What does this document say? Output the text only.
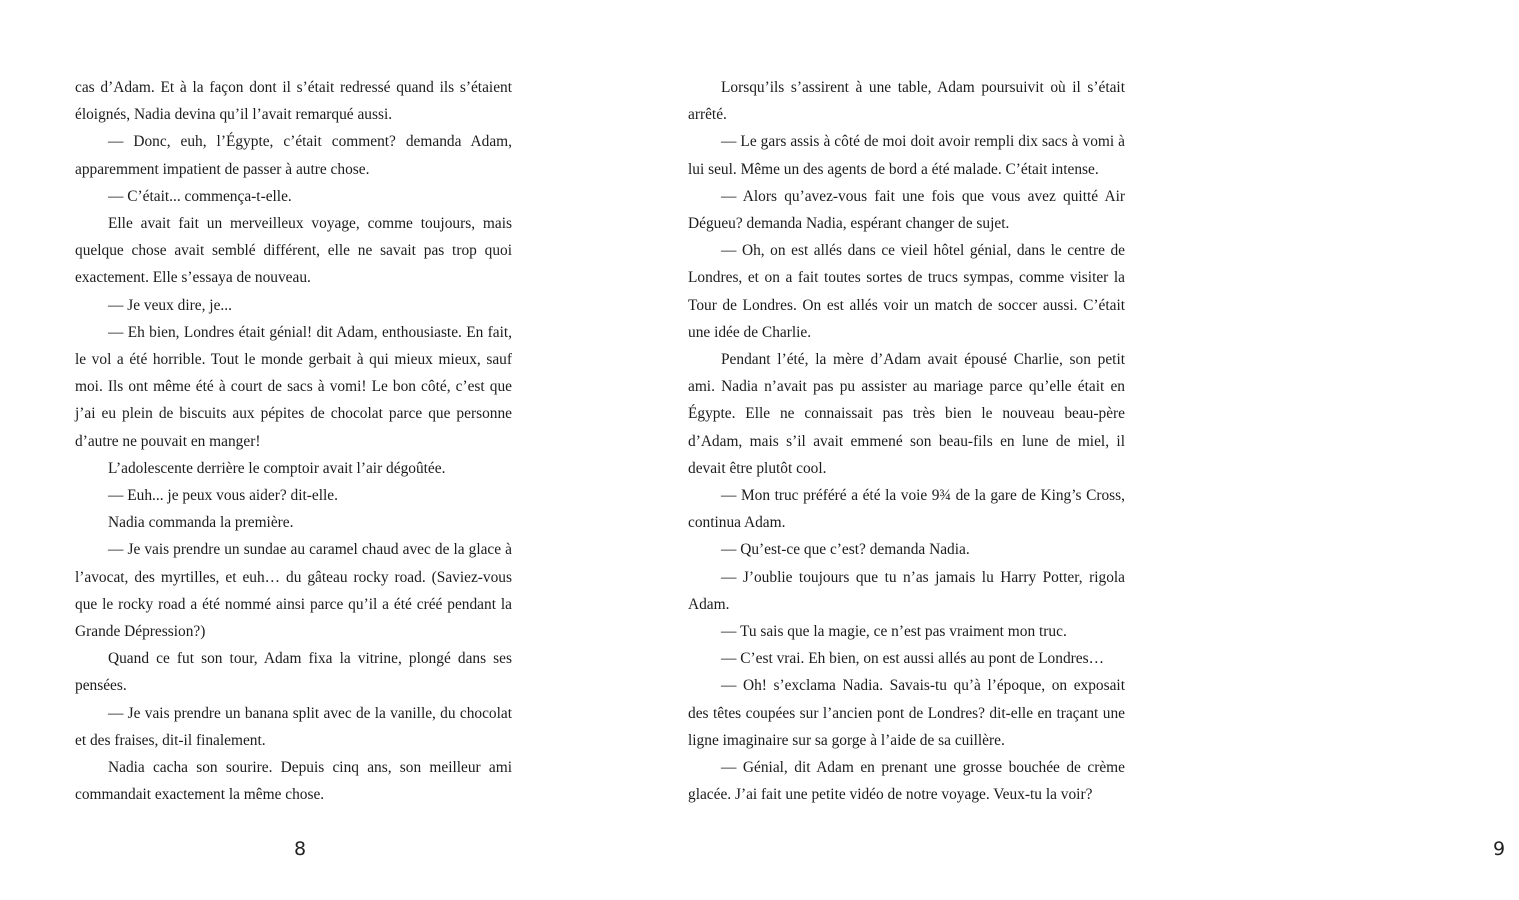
cas d’Adam. Et à la façon dont il s’était redressé quand ils s’étaient éloignés, Nadia devina qu’il l’avait remarqué aussi.

— Donc, euh, l’Égypte, c’était comment? demanda Adam, apparemment impatient de passer à autre chose.

— C’était... commença-t-elle.

Elle avait fait un merveilleux voyage, comme toujours, mais quelque chose avait semblé différent, elle ne savait pas trop quoi exactement. Elle s’essaya de nouveau.

— Je veux dire, je...

— Eh bien, Londres était génial! dit Adam, enthousiaste. En fait, le vol a été horrible. Tout le monde gerbait à qui mieux mieux, sauf moi. Ils ont même été à court de sacs à vomi! Le bon côté, c’est que j’ai eu plein de biscuits aux pépites de chocolat parce que personne d’autre ne pouvait en manger!

L’adolescente derrière le comptoir avait l’air dégoûtée.

— Euh... je peux vous aider? dit-elle.

Nadia commanda la première.

— Je vais prendre un sundae au caramel chaud avec de la glace à l’avocat, des myrtilles, et euh… du gâteau rocky road. (Saviez-vous que le rocky road a été nommé ainsi parce qu’il a été créé pendant la Grande Dépression?)

Quand ce fut son tour, Adam fixa la vitrine, plongé dans ses pensées.

— Je vais prendre un banana split avec de la vanille, du chocolat et des fraises, dit-il finalement.

Nadia cacha son sourire. Depuis cinq ans, son meilleur ami commandait exactement la même chose.

8

Lorsqu’ils s’assirent à une table, Adam poursuivit où il s’était arrêté.

— Le gars assis à côté de moi doit avoir rempli dix sacs à vomi à lui seul. Même un des agents de bord a été malade. C’était intense.

— Alors qu’avez-vous fait une fois que vous avez quitté Air Dégueu? demanda Nadia, espérant changer de sujet.

— Oh, on est allés dans ce vieil hôtel génial, dans le centre de Londres, et on a fait toutes sortes de trucs sympas, comme visiter la Tour de Londres. On est allés voir un match de soccer aussi. C’était une idée de Charlie.

Pendant l’été, la mère d’Adam avait épousé Charlie, son petit ami. Nadia n’avait pas pu assister au mariage parce qu’elle était en Égypte. Elle ne connaissait pas très bien le nouveau beau-père d’Adam, mais s’il avait emmené son beau-fils en lune de miel, il devait être plutôt cool.

— Mon truc préféré a été la voie 9¾ de la gare de King’s Cross, continua Adam.

— Qu’est-ce que c’est? demanda Nadia.

— J’oublie toujours que tu n’as jamais lu Harry Potter, rigola Adam.

— Tu sais que la magie, ce n’est pas vraiment mon truc.

— C’est vrai. Eh bien, on est aussi allés au pont de Londres…

— Oh! s’exclama Nadia. Savais-tu qu’à l’époque, on exposait des têtes coupées sur l’ancien pont de Londres? dit-elle en traçant une ligne imaginaire sur sa gorge à l’aide de sa cuillère.

— Génial, dit Adam en prenant une grosse bouchée de crème glacée. J’ai fait une petite vidéo de notre voyage. Veux-tu la voir?

9
